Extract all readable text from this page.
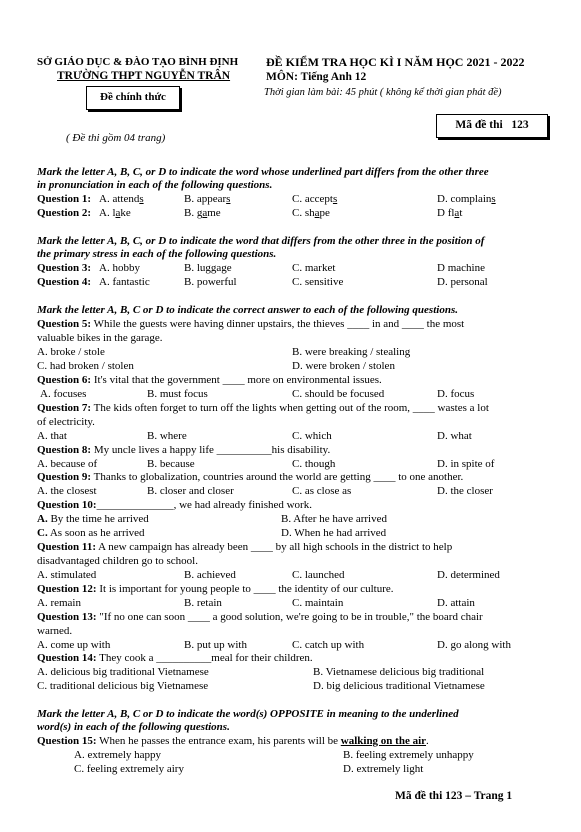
SỞ GIÁO DỤC & ĐÀO TẠO BÌNH ĐỊNH
TRƯỜNG THPT NGUYỄN TRÂN
Đề chính thức
( Đề thi gồm 04 trang)
ĐỀ KIỂM TRA HỌC KÌ I NĂM HỌC 2021 - 2022
MÔN: Tiếng Anh 12
Thời gian làm bài: 45 phút ( không kể thời gian phát đề)
Mã đề thi   123
Mark the letter A, B, C, or D to indicate the word whose underlined part differs from the other three
in pronunciation in each of the following questions.
Question 1: A. attends	B. appears	C. accepts	D. complains
Question 2: A. lake	B. game	C. shape	D flat
Mark the letter A, B, C, or D to indicate the word that differs from the other three in the position of
the primary stress in each of the following questions.
Question 3: A. hobby	B. luggage	C. market	D machine
Question 4: A. fantastic	B. powerful	C. sensitive	D. personal
Mark the letter A, B, C or D to indicate the correct answer to each of the following questions.
Question 5: While the guests were having dinner upstairs, the thieves ____ in and ____ the most
valuable bikes in the garage.
A. broke / stole	B. were breaking / stealing
C. had broken / stolen	D. were broken / stolen
Question 6: It's vital that the government ____ more on environmental issues.
A. focuses	B. must focus	C. should be focused	D. focus
Question 7: The kids often forget to turn off the lights when getting out of the room, ____ wastes a lot
of electricity.
A. that	B. where	C. which	D. what
Question 8: My uncle lives a happy life __________his disability.
A. because of	B. because	C. though	D. in spite of
Question 9: Thanks to globalization, countries around the world are getting ____ to one another.
A. the closest	B. closer and closer	C. as close as	D. the closer
Question 10:______________, we had already finished work.
A. By the time he arrived	B. After he have arrived
C. As soon as he arrived	D. When he had arrived
Question 11: A new campaign has already been ____ by all high schools in the district to help
disadvantaged children go to school.
A. stimulated	B. achieved	C. launched	D. determined
Question 12: It is important for young people to ____ the identity of our culture.
A. remain	B. retain	C. maintain	D. attain
Question 13: "If no one can soon ____ a good solution, we're going to be in trouble," the board chair
warned.
A. come up with	B. put up with	C. catch up with	D. go along with
Question 14: They cook a __________meal for their children.
A. delicious big traditional Vietnamese	B. Vietnamese delicious big traditional
C. traditional delicious big Vietnamese	D. big delicious traditional Vietnamese
Mark the letter A, B, C or D to indicate the word(s) OPPOSITE in meaning to the underlined
word(s) in each of the following questions.
Question 15: When he passes the entrance exam, his parents will be walking on the air.
A. extremely happy	B. feeling extremely unhappy
C. feeling extremely airy	D. extremely light
Mã đề thi 123 – Trang 1
